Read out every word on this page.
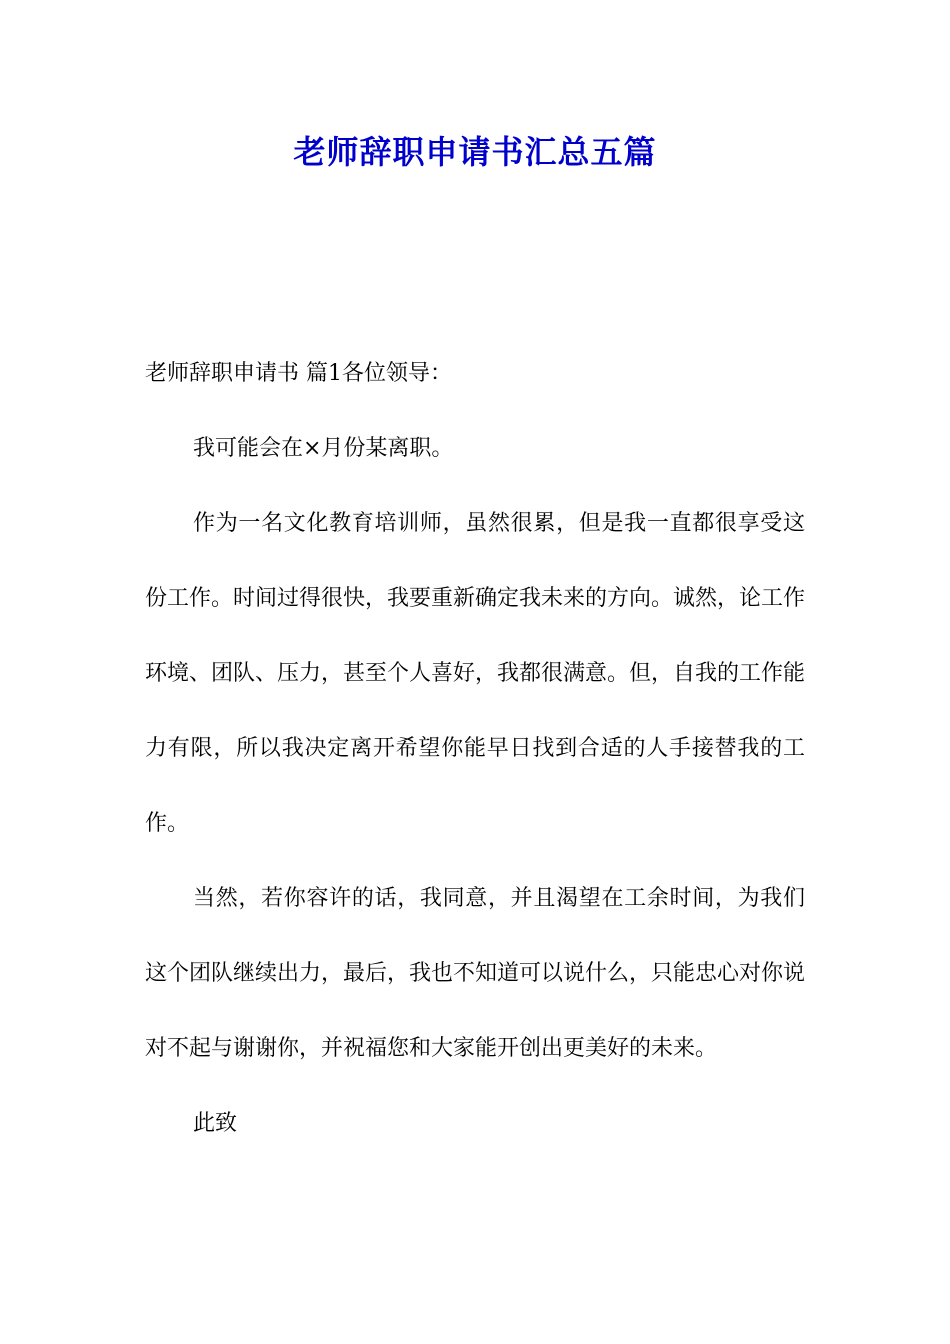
老师辞职申请书汇总五篇

老师辞职申请书 篇1各位领导：

我可能会在×月份某离职。

作为一名文化教育培训师，虽然很累，但是我一直都很享受这份工作。时间过得很快，我要重新确定我未来的方向。诚然，论工作环境、团队、压力，甚至个人喜好，我都很满意。但，自我的工作能力有限，所以我决定离开希望你能早日找到合适的人手接替我的工作。

当然，若你容许的话，我同意，并且渴望在工余时间，为我们这个团队继续出力，最后，我也不知道可以说什么，只能忠心对你说对不起与谢谢你，并祝福您和大家能开创出更美好的未来。

此致
